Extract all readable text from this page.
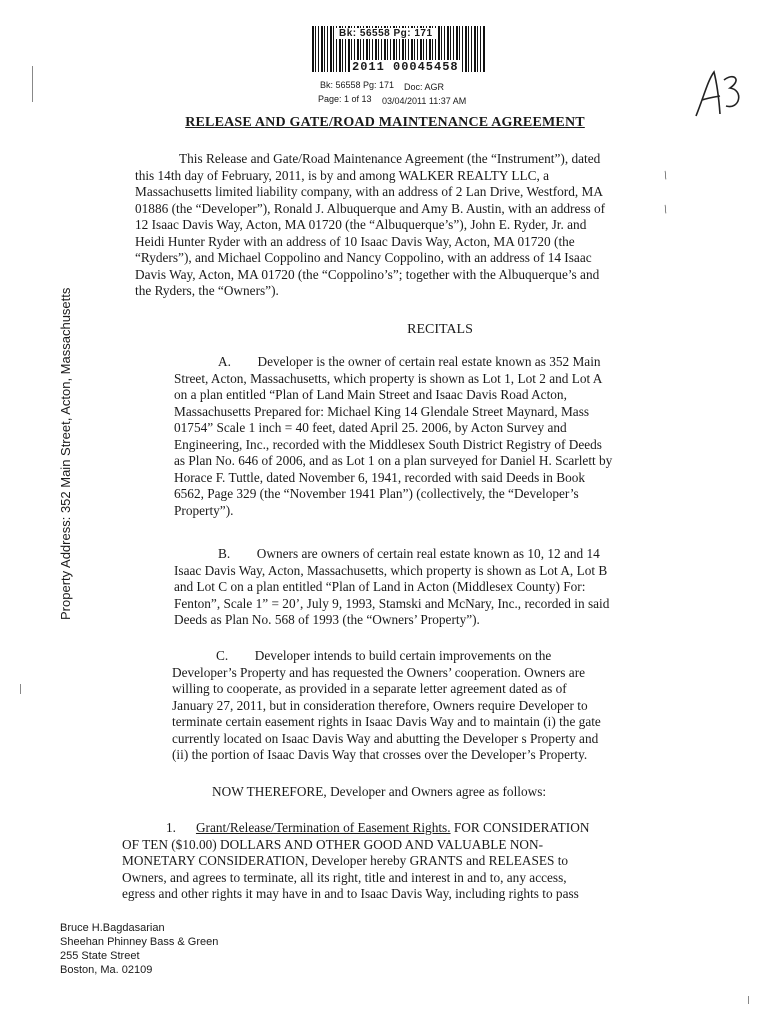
Bk: 56558 Pg: 171
2011 00045458
Bk: 56558 Pg: 171 Doc: AGR
Page: 1 of 13 03/04/2011 11:37 AM
RELEASE AND GATE/ROAD MAINTENANCE AGREEMENT
This Release and Gate/Road Maintenance Agreement (the “Instrument”), dated
this 14th day of February, 2011, is by and among WALKER REALTY LLC, a
Massachusetts limited liability company, with an address of 2 Lan Drive, Westford, MA
01886 (the “Developer”), Ronald J. Albuquerque and Amy B. Austin, with an address of
12 Isaac Davis Way, Acton, MA 01720 (the “Albuquerque’s”), John E. Ryder, Jr. and
Heidi Hunter Ryder with an address of 10 Isaac Davis Way, Acton, MA 01720 (the
“Ryders”), and Michael Coppolino and Nancy Coppolino, with an address of 14 Isaac
Davis Way, Acton, MA 01720 (the “Coppolino’s”; together with the Albuquerque’s and
the Ryders, the “Owners”).
/
/
RECITALS
A.  Developer is the owner of certain real estate known as 352 Main
Street, Acton, Massachusetts, which property is shown as Lot 1, Lot 2 and Lot A
on a plan entitled “Plan of Land Main Street and Isaac Davis Road Acton,
Massachusetts Prepared for: Michael King 14 Glendale Street Maynard, Mass
01754” Scale 1 inch = 40 feet, dated April 25. 2006, by Acton Survey and
Engineering, Inc., recorded with the Middlesex South District Registry of Deeds
as Plan No. 646 of 2006, and as Lot 1 on a plan surveyed for Daniel H. Scarlett by
Horace F. Tuttle, dated November 6, 1941, recorded with said Deeds in Book
6562, Page 329 (the “November 1941 Plan”) (collectively, the “Developer’s
Property”).
B.  Owners are owners of certain real estate known as 10, 12 and 14
Isaac Davis Way, Acton, Massachusetts, which property is shown as Lot A, Lot B
and Lot C on a plan entitled “Plan of Land in Acton (Middlesex County) For:
Fenton”, Scale 1” = 20’, July 9, 1993, Stamski and McNary, Inc., recorded in said
Deeds as Plan No. 568 of 1993 (the “Owners’ Property”).
C.  Developer intends to build certain improvements on the
Developer’s Property and has requested the Owners’ cooperation. Owners are
willing to cooperate, as provided in a separate letter agreement dated as of
January 27, 2011, but in consideration therefore, Owners require Developer to
terminate certain easement rights in Isaac Davis Way and to maintain (i) the gate
currently located on Isaac Davis Way and abutting the Developer s Property and
(ii) the portion of Isaac Davis Way that crosses over the Developer’s Property.
NOW THEREFORE, Developer and Owners agree as follows:
1.   Grant/Release/Termination of Easement Rights. FOR CONSIDERATION
OF TEN ($10.00) DOLLARS AND OTHER GOOD AND VALUABLE NON-
MONETARY CONSIDERATION, Developer hereby GRANTS and RELEASES to
Owners, and agrees to terminate, all its right, title and interest in and to, any access,
egress and other rights it may have in and to Isaac Davis Way, including rights to pass
Property Address: 352 Main Street, Acton, Massachusetts
Bruce H.Bagdasarian
Sheehan Phinney Bass & Green
255 State Street
Boston, Ma. 02109
